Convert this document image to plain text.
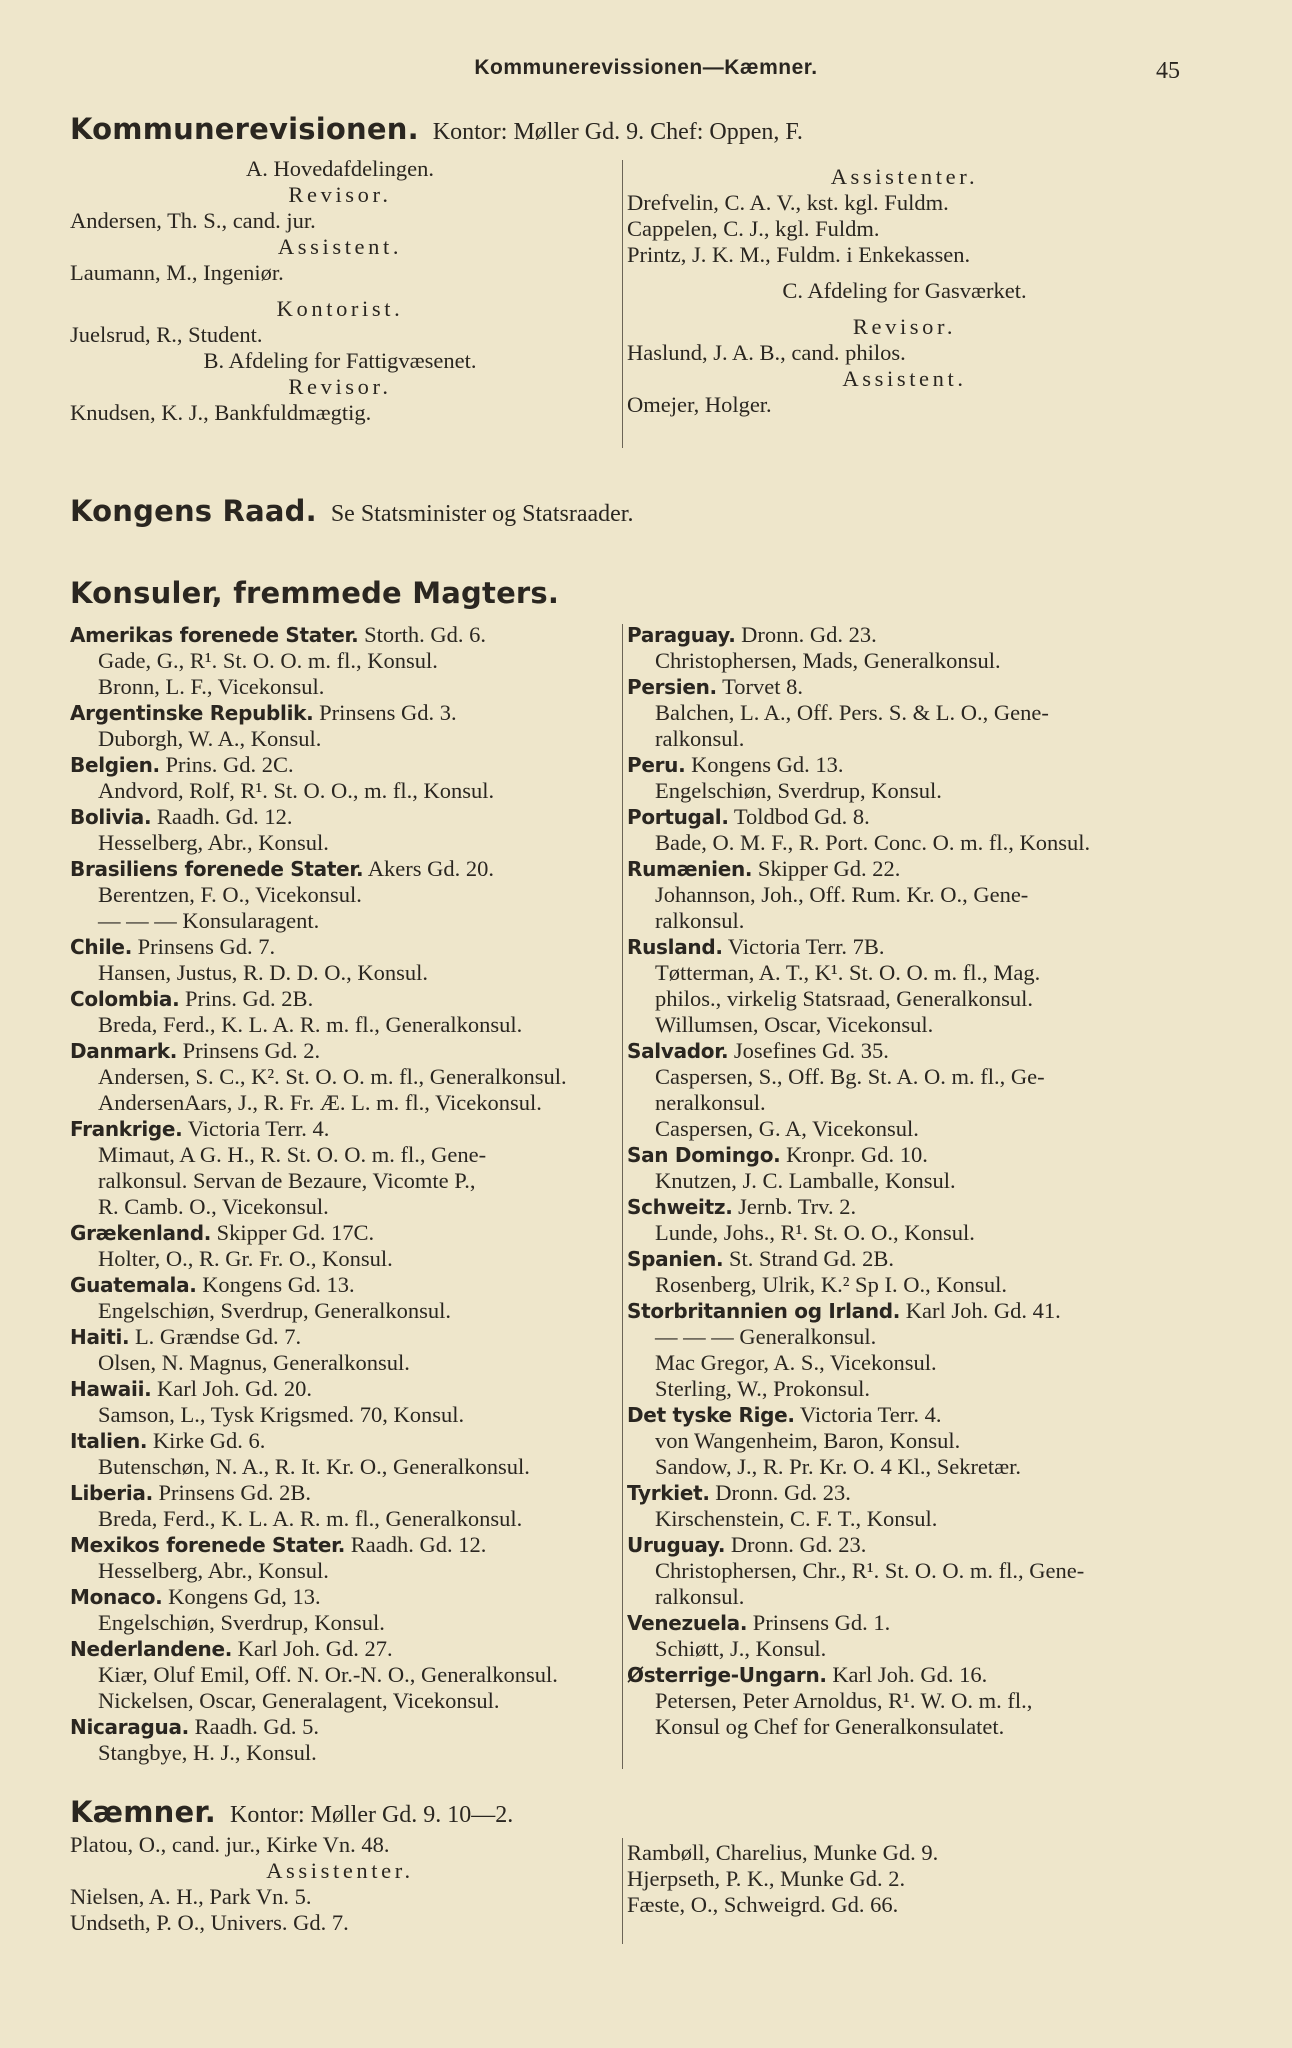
Kommunerevissionen—Kæmner.	45
Kommunerevisionen. Kontor: Møller Gd. 9. Chef: Oppen, F.
A. Hovedafdelingen.
Revisor.
Andersen, Th. S., cand. jur.
Assistent.
Laumann, M., Ingeniør.
Kontorist.
Juelsrud, R., Student.
B. Afdeling for Fattigvæsenet.
Revisor.
Knudsen, K. J., Bankfuldmægtig.
Assistenter.
Drefvelin, C. A. V., kst. kgl. Fuldm.
Cappelen, C. J., kgl. Fuldm.
Printz, J. K. M., Fuldm. i Enkekassen.
C. Afdeling for Gasværket.
Revisor.
Haslund, J. A. B., cand. philos.
Assistent.
Omejer, Holger.
Kongens Raad. Se Statsminister og Statsraader.
Konsuler, fremmede Magters.
Amerikas forenede Stater. Storth. Gd. 6.
Gade, G., R¹. St. O. O. m. fl., Konsul.
Bronn, L. F., Vicekonsul.
Argentinske Republik. Prinsens Gd. 3.
Duborgh, W. A., Konsul.
Belgien. Prins. Gd. 2C.
Andvord, Rolf, R¹. St. O. O., m. fl., Konsul.
Bolivia. Raadh. Gd. 12.
Hesselberg, Abr., Konsul.
Brasiliens forenede Stater. Akers Gd. 20.
Berentzen, F. O., Vicekonsul.
— — — Konsularagent.
Chile. Prinsens Gd. 7.
Hansen, Justus, R. D. D. O., Konsul.
Colombia. Prins. Gd. 2B.
Breda, Ferd., K. L. A. R. m. fl., Generalkonsul.
Danmark. Prinsens Gd. 2.
Andersen, S. C., K². St. O. O. m. fl., Generalkonsul.
AndersenAars, J., R. Fr. Æ. L. m. fl., Vicekonsul.
Frankrige. Victoria Terr. 4.
Mimaut, A G. H., R. St. O. O. m. fl., Gene-
ralkonsul. Servan de Bezaure, Vicomte P.,
R. Camb. O., Vicekonsul.
Grækenland. Skipper Gd. 17C.
Holter, O., R. Gr. Fr. O., Konsul.
Guatemala. Kongens Gd. 13.
Engelschiøn, Sverdrup, Generalkonsul.
Haiti. L. Grændse Gd. 7.
Olsen, N. Magnus, Generalkonsul.
Hawaii. Karl Joh. Gd. 20.
Samson, L., Tysk Krigsmed. 70, Konsul.
Italien. Kirke Gd. 6.
Butenschøn, N. A., R. It. Kr. O., Generalkonsul.
Liberia. Prinsens Gd. 2B.
Breda, Ferd., K. L. A. R. m. fl., Generalkonsul.
Mexikos forenede Stater. Raadh. Gd. 12.
Hesselberg, Abr., Konsul.
Monaco. Kongens Gd, 13.
Engelschiøn, Sverdrup, Konsul.
Nederlandene. Karl Joh. Gd. 27.
Kiær, Oluf Emil, Off. N. Or.-N. O., Generalkonsul.
Nickelsen, Oscar, Generalagent, Vicekonsul.
Nicaragua. Raadh. Gd. 5.
Stangbye, H. J., Konsul.
Paraguay. Dronn. Gd. 23.
Christophersen, Mads, Generalkonsul.
Persien. Torvet 8.
Balchen, L. A., Off. Pers. S. & L. O., Gene-
ralkonsul.
Peru. Kongens Gd. 13.
Engelschiøn, Sverdrup, Konsul.
Portugal. Toldbod Gd. 8.
Bade, O. M. F., R. Port. Conc. O. m. fl., Konsul.
Rumænien. Skipper Gd. 22.
Johannson, Joh., Off. Rum. Kr. O., Gene-
ralkonsul.
Rusland. Victoria Terr. 7B.
Tøtterman, A. T., K¹. St. O. O. m. fl., Mag.
philos., virkelig Statsraad, Generalkonsul.
Willumsen, Oscar, Vicekonsul.
Salvador. Josefines Gd. 35.
Caspersen, S., Off. Bg. St. A. O. m. fl., Ge-
neralkonsul.
Caspersen, G. A, Vicekonsul.
San Domingo. Kronpr. Gd. 10.
Knutzen, J. C. Lamballe, Konsul.
Schweitz. Jernb. Trv. 2.
Lunde, Johs., R¹. St. O. O., Konsul.
Spanien. St. Strand Gd. 2B.
Rosenberg, Ulrik, K.² Sp I. O., Konsul.
Storbritannien og Irland. Karl Joh. Gd. 41.
— — — Generalkonsul.
Mac Gregor, A. S., Vicekonsul.
Sterling, W., Prokonsul.
Det tyske Rige. Victoria Terr. 4.
von Wangenheim, Baron, Konsul.
Sandow, J., R. Pr. Kr. O. 4 Kl., Sekretær.
Tyrkiet. Dronn. Gd. 23.
Kirschenstein, C. F. T., Konsul.
Uruguay. Dronn. Gd. 23.
Christophersen, Chr., R¹. St. O. O. m. fl., Gene-
ralkonsul.
Venezuela. Prinsens Gd. 1.
Schiøtt, J., Konsul.
Østerrige-Ungarn. Karl Joh. Gd. 16.
Petersen, Peter Arnoldus, R¹. W. O. m. fl.,
Konsul og Chef for Generalkonsulatet.
Kæmner. Kontor: Møller Gd. 9. 10—2.
Platou, O., cand. jur., Kirke Vn. 48.
Assistenter.
Nielsen, A. H., Park Vn. 5.
Undseth, P. O., Univers. Gd. 7.
Rambøll, Charelius, Munke Gd. 9.
Hjerpseth, P. K., Munke Gd. 2.
Fæste, O., Schweigrd. Gd. 66.
